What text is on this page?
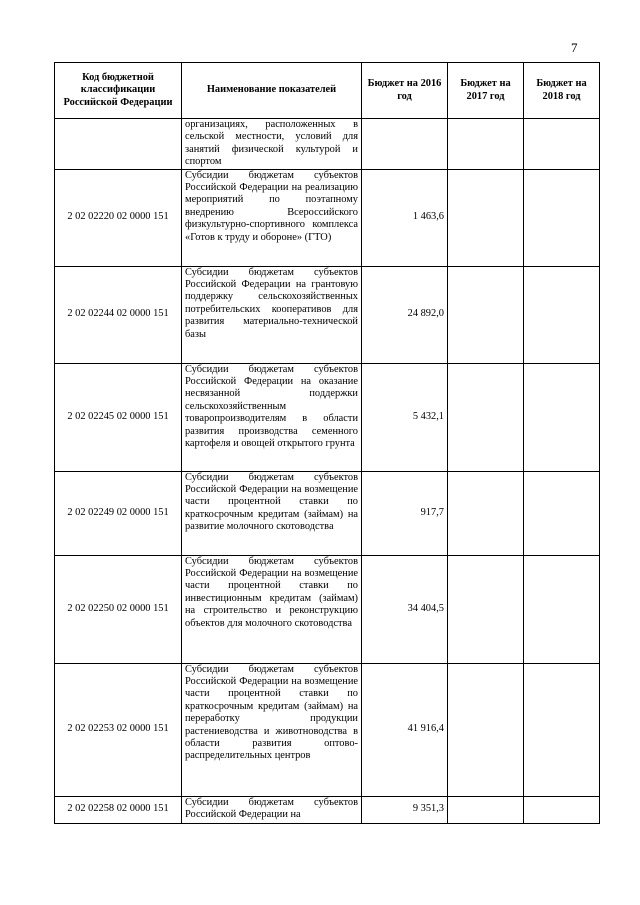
7
Код бюджетной классификации Российской Федерации	Наименование показателей	Бюджет на 2016 год	Бюджет на 2017 год	Бюджет на 2018 год
	организациях, расположенных в сельской местности, условий для занятий физической культурой и спортом			
2 02 02220 02 0000 151	Субсидии бюджетам субъектов Российской Федерации на реализацию мероприятий по поэтапному внедрению Всероссийского физкультурно-спортивного комплекса «Готов к труду и обороне» (ГТО)	1 463,6		
2 02 02244 02 0000 151	Субсидии бюджетам субъектов Российской Федерации на грантовую поддержку сельскохозяйственных потребительских кооперативов для развития материально-технической базы	24 892,0		
2 02 02245 02 0000 151	Субсидии бюджетам субъектов Российской Федерации на оказание несвязанной поддержки сельскохозяйственным товаропроизводителям в области развития производства семенного картофеля и овощей открытого грунта	5 432,1		
2 02 02249 02 0000 151	Субсидии бюджетам субъектов Российской Федерации на возмещение части процентной ставки по краткосрочным кредитам (займам) на развитие молочного скотоводства	917,7		
2 02 02250 02 0000 151	Субсидии бюджетам субъектов Российской Федерации на возмещение части процентной ставки по инвестиционным кредитам (займам) на строительство и реконструкцию объектов для молочного скотоводства	34 404,5		
2 02 02253 02 0000 151	Субсидии бюджетам субъектов Российской Федерации на возмещение части процентной ставки по краткосрочным кредитам (займам) на переработку продукции растениеводства и животноводства в области развития оптово-распределительных центров	41 916,4		
2 02 02258 02 0000 151	Субсидии бюджетам субъектов Российской Федерации на	9 351,3		
